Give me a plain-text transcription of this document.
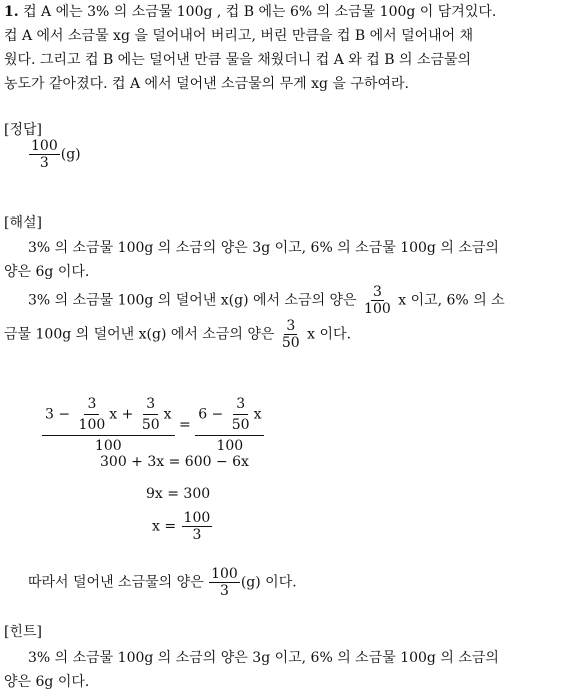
1. 컵 A 에는 3% 의 소금물 100g , 컵 B 에는 6% 의 소금물 100g 이 담겨있다.
컵 A 에서 소금물 xg 을 덜어내어 버리고, 버린 만큼을 컵 B 에서 덜어내어 채
웠다. 그리고 컵 B 에는 덜어낸 만큼 물을 채웠더니 컵 A 와 컵 B 의 소금물의
농도가 같아졌다. 컵 A 에서 덜어낸 소금물의 무게 xg 을 구하여라.
[정답]
$\frac{100}{3} (g)$
[해설]
3% 의 소금물 100g 의 소금의 양은 3g 이고, 6% 의 소금물 100g 의 소금의
양은 6g 이다.
3% 의 소금물 100g 의 덜어낸 x(g) 에서 소금의 양은 $\frac{3}{100}$ x 이고, 6% 의 소
금물 100g 의 덜어낸 x(g) 에서 소금의 양은 $\frac{3}{50}$ x 이다.
$3 - \frac{3}{100}$ $x + \frac{3}{50}$ x
100
= $\frac{6 - \frac{3}{50} x}{100}$
300 + 3x = 600 − 6x
9x = 300
$x = \frac{100}{3}$
따라서 덜어낸 소금물의 양은 $\frac{100}{3} (g)$ 이다.
[힌트]
3% 의 소금물 100g 의 소금의 양은 3g 이고, 6% 의 소금물 100g 의 소금의
양은 6g 이다.
